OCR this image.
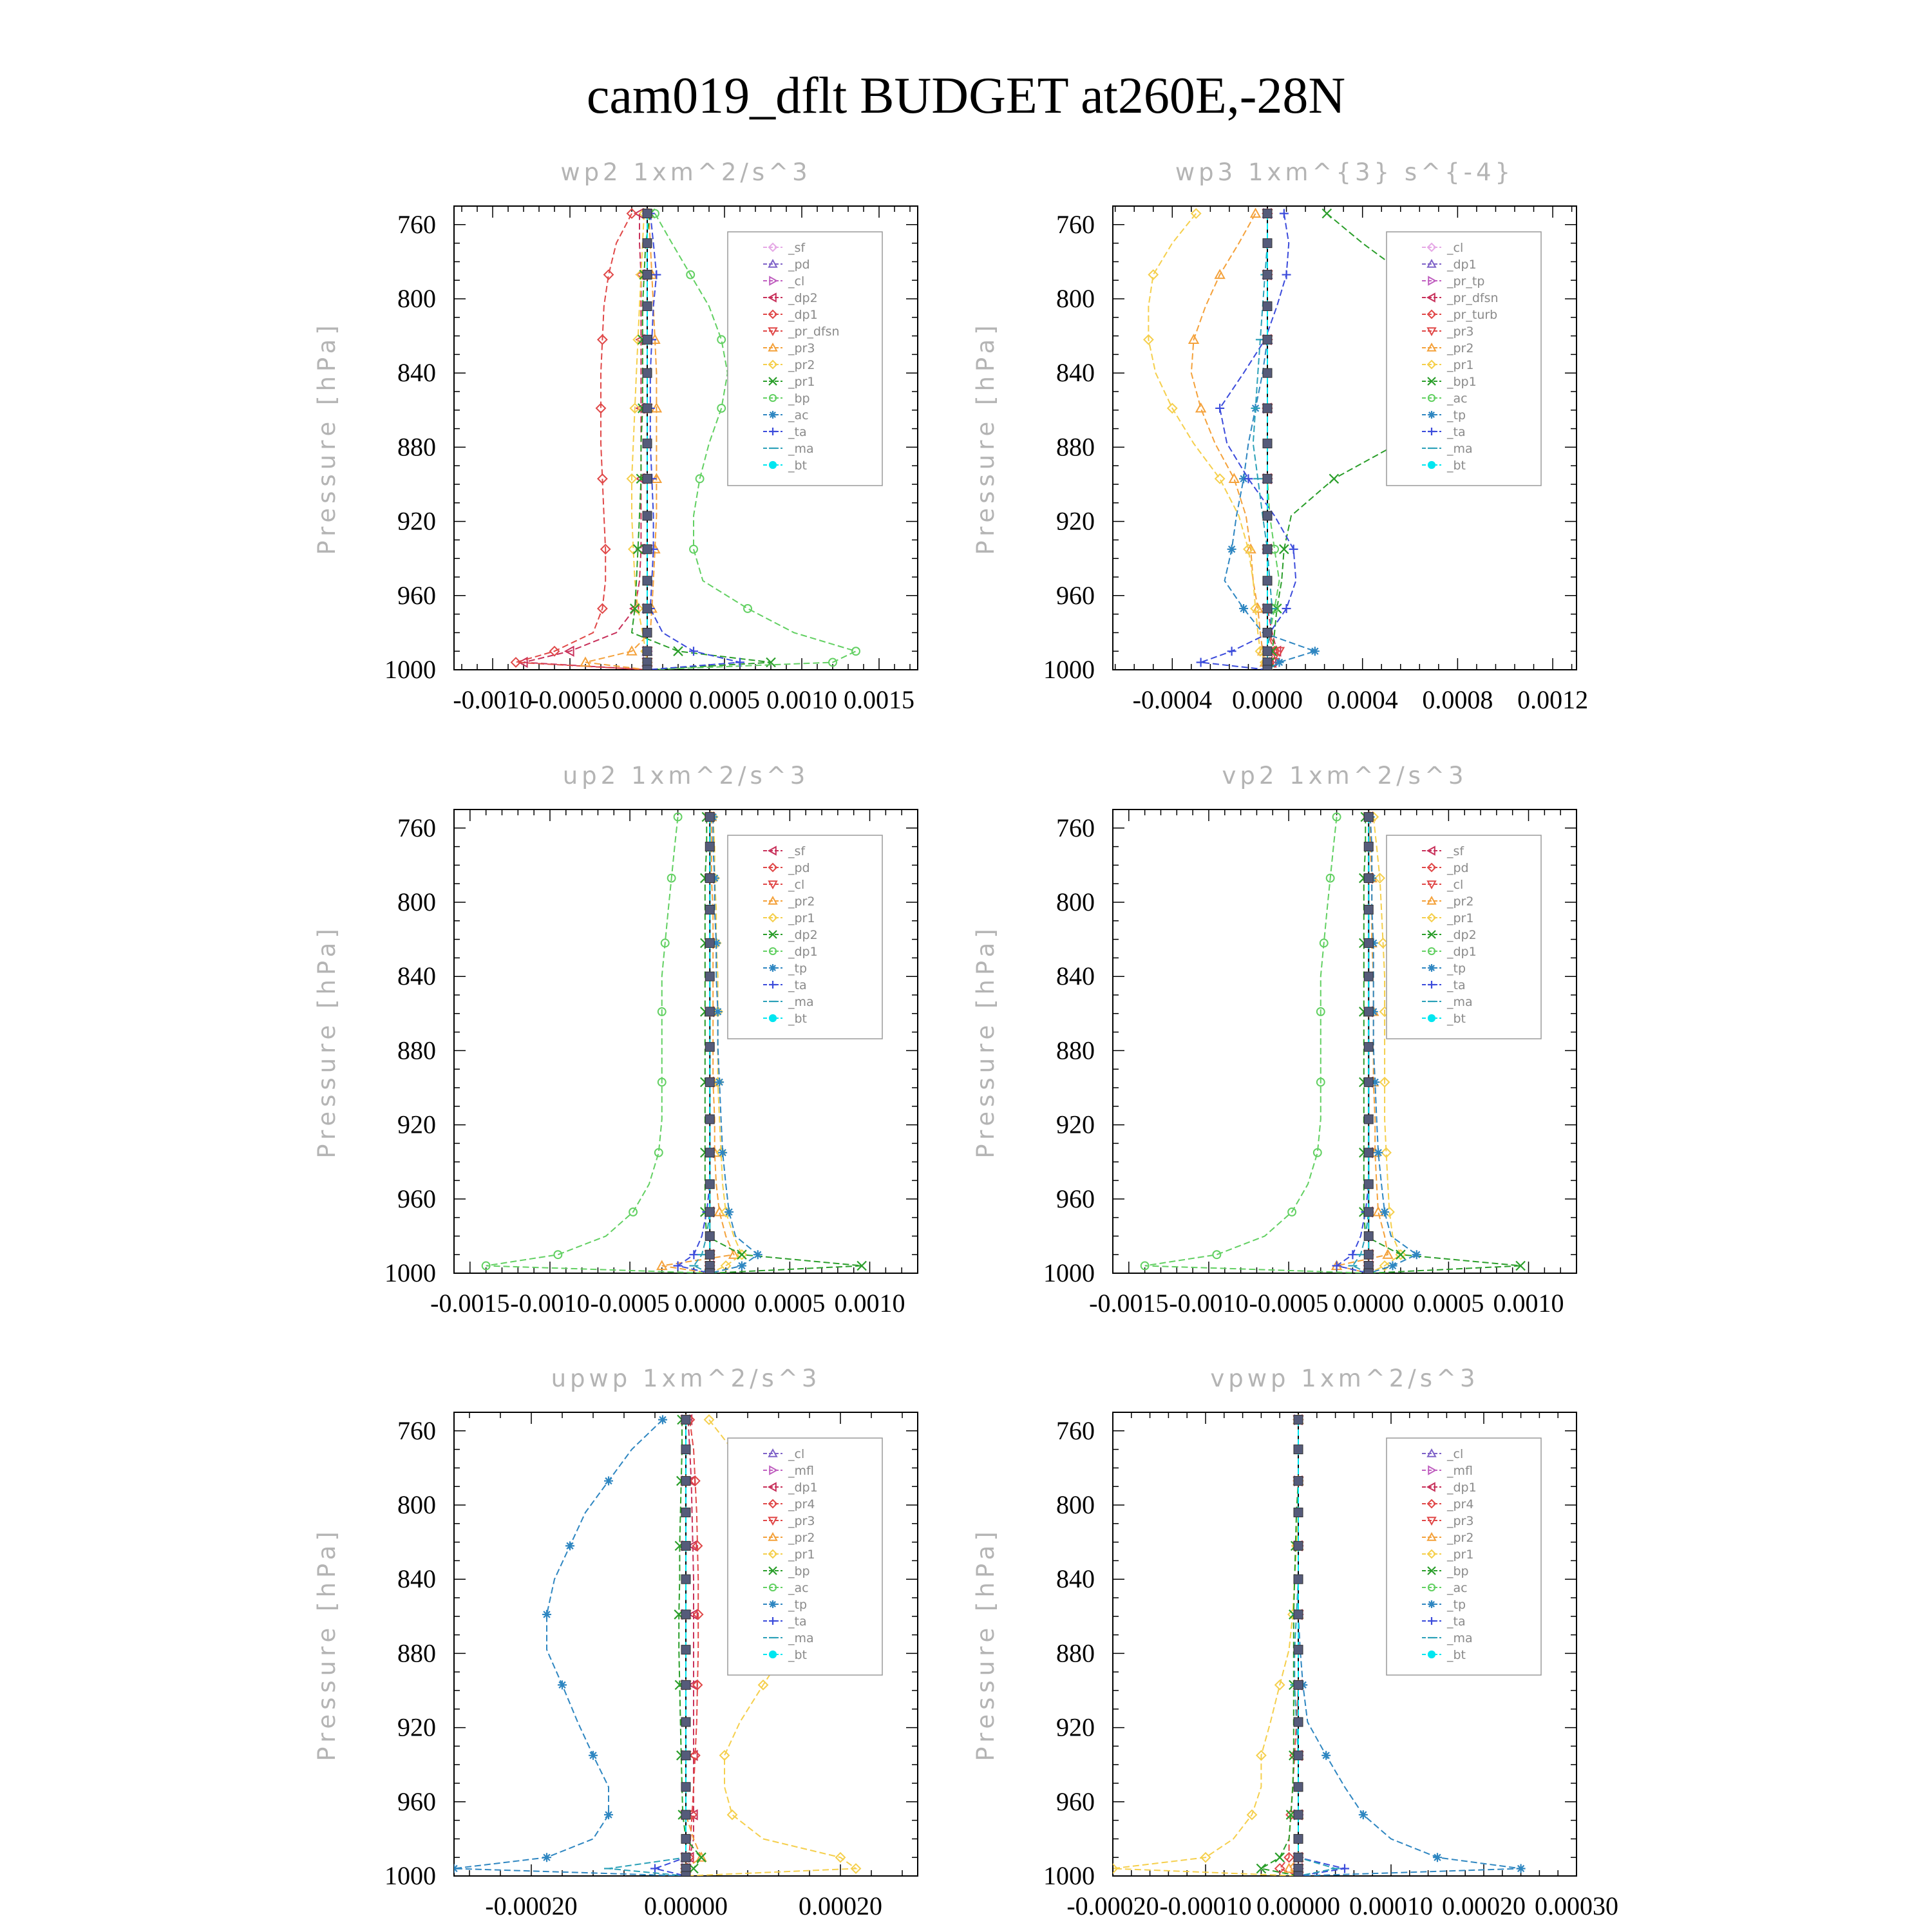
cam019_dflt BUDGET at260E,-28N
wp2 1xm^2/s^3
Pressure [hPa]
760
800
840
880
920
960
1000
-0.0010
-0.0005 0.0000 0.0005 0.0010 0.0015
_sf
_pd
_cl
_dp2
_dp1
_pr_dfsn
_pr3
_pr2
_pr1
_bp
_ac
_ta
_ma
_bt
wp3 1xm^{3} s^{-4}
Pressure [hPa]
760
800
840
880
920
960
1000
-0.0004 0.0000 0.0004 0.0008 0.0012
_cl
_dp1
_pr_tp
_pr_dfsn
_pr_turb
_pr3
_pr2
_pr1
_bp1
_ac
_tp
_ta
_ma
_bt
up2 1xm^2/s^3
Pressure [hPa]
760
800
840
880
920
960
1000
-0.0015 -0.0010 -0.0005 0.0000 0.0005 0.0010
_sf
_pd
_cl
_pr2
_pr1
_dp2
_dp1
_tp
_ta
_ma
_bt
vp2 1xm^2/s^3
Pressure [hPa]
760
800
840
880
920
960
1000
-0.0015 -0.0010 -0.0005 0.0000 0.0005 0.0010
_sf
_pd
_cl
_pr2
_pr1
_dp2
_dp1
_tp
_ta
_ma
_bt
upwp 1xm^2/s^3
Pressure [hPa]
760
800
840
880
920
960
1000
-0.00020	0.00000	0.00020
_cl
_mfl
_dp1
_pr4
_pr3
_pr2
_pr1
_bp
_ac
_tp
_ta
_ma
_bt
vpwp 1xm^2/s^3
Pressure [hPa]
760
800
840
880
920
960
1000
-0.00020 -0.00010 0.00000 0.00010 0.00020 0.00030
_cl
_mfl
_dp1
_pr4
_pr3
_pr2
_pr1
_bp
_ac
_tp
_ta
_ma
_bt
